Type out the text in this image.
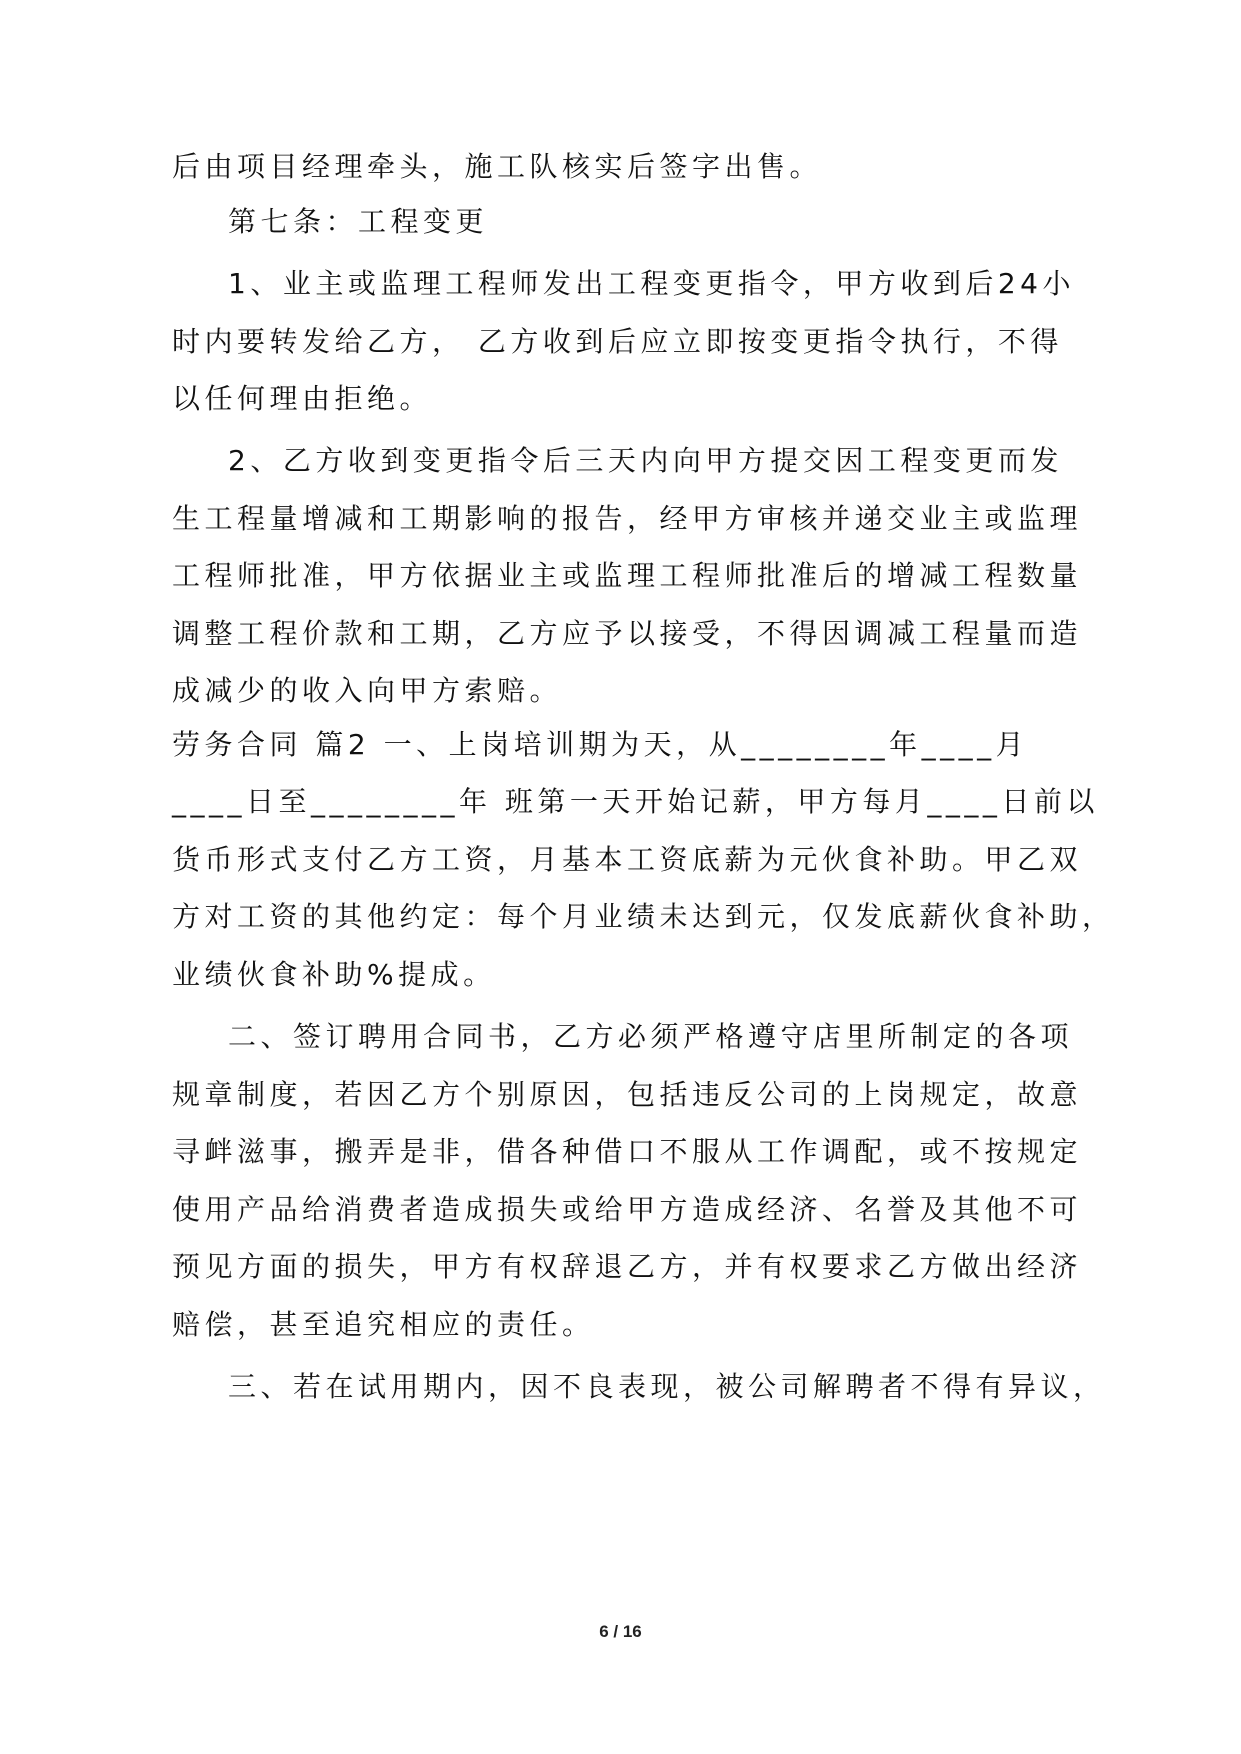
后由项目经理牵头，施工队核实后签字出售。
第七条：工程变更
1、业主或监理工程师发出工程变更指令，甲方收到后24小
时内要转发给乙方， 乙方收到后应立即按变更指令执行，不得
以任何理由拒绝。
2、乙方收到变更指令后三天内向甲方提交因工程变更而发
生工程量增减和工期影响的报告，经甲方审核并递交业主或监理
工程师批准，甲方依据业主或监理工程师批准后的增减工程数量
调整工程价款和工期，乙方应予以接受，不得因调减工程量而造
成减少的收入向甲方索赔。
劳务合同 篇2 一、上岗培训期为天，从________年____月
____日至________年 班第一天开始记薪，甲方每月____日前以
货币形式支付乙方工资，月基本工资底薪为元伙食补助。甲乙双
方对工资的其他约定：每个月业绩未达到元，仅发底薪伙食补助，
业绩伙食补助%提成。
二、签订聘用合同书，乙方必须严格遵守店里所制定的各项
规章制度，若因乙方个别原因，包括违反公司的上岗规定，故意
寻衅滋事，搬弄是非，借各种借口不服从工作调配，或不按规定
使用产品给消费者造成损失或给甲方造成经济、名誉及其他不可
预见方面的损失，甲方有权辞退乙方，并有权要求乙方做出经济
赔偿，甚至追究相应的责任。
三、若在试用期内，因不良表现，被公司解聘者不得有异议，
6 / 16
